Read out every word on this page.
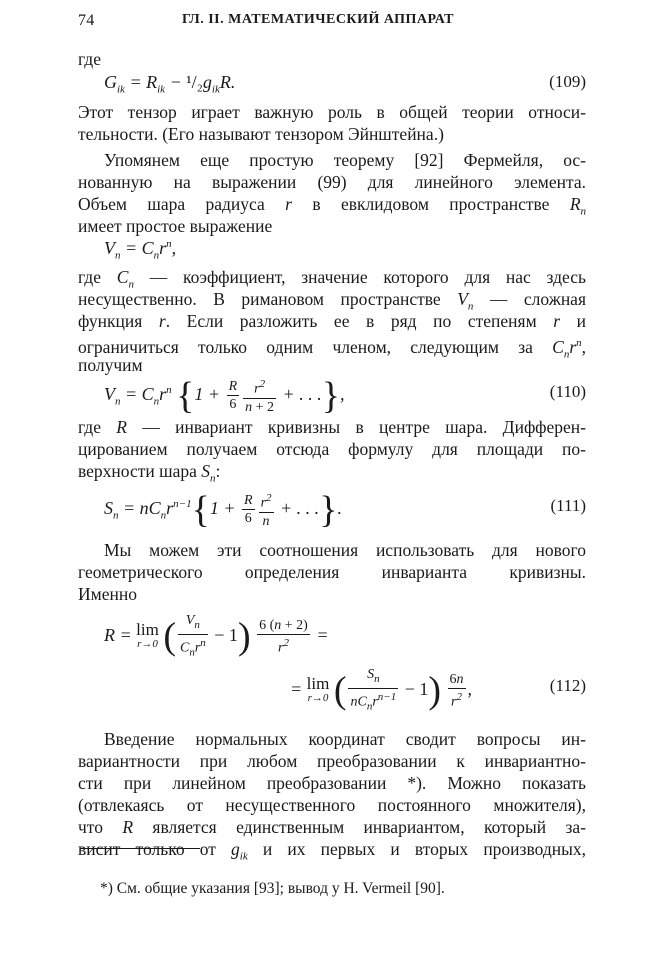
74	ГЛ. II. МАТЕМАТИЧЕСКИЙ АППАРАТ

где

$G_{ik} = R_{ik} - ^1/_2g_{ik}R$.	(109)

Этот тензор играет важную роль в общей теории относи-

тельности. (Его называют тензором Эйнштейна.)

Упомянем еще простую теорему [92] Фермейля, ос-

нованную на выражении (99) для линейного элемента.

Объем шара радиуса r в евклидовом пространстве $R_n$

имеет простое выражение

$V_n = C_nr^n$,

где $C_n$ — коэффициент, значение которого для нас здесь

несущественно. В римановом пространстве $V_n$ — сложная

функция r. Если разложить ее в ряд по степеням r и

ограничиться только одним членом, следующим за $C_nr^n$,

получим

$V_n = C_nr^n$ {$1 + \frac{R}{6} \frac{r^2}{n + 2}$ + . . .},	(110)

где R — инвариант кривизны в центре шара. Дифферен-

цированием получаем отсюда формулу для площади по-

верхности шара $S_n$:

$S_n = nC_nr^{n-1}\{1 + \frac{R}{6} \frac{r^2}{n}$ + . . .}.	(111)

Мы можем эти соотношения использовать для нового

геометрического определения инварианта кривизны.

Именно

R = lim
r→0 ( $\frac{V_n}{C_nr^n} - 1) \frac{6 (n + 2)}{r^2}$ =
= lim
r→0 ( $\frac{S_n}{nC_nr^{n-1}} - 1) \frac{6n}{r^2}$ ,	(112)

Введение нормальных координат сводит вопросы ин-

вариантности при любом преобразовании к инвариантно-

сти при линейном преобразовании *). Можно показать

(отвлекаясь от несущественного постоянного множителя),

что R является единственным инвариантом, который за-

висит только от $g_{ik}$ и их первых и вторых производных,

*) См. общие указания [93]; вывод у H. Vermeil [90].
